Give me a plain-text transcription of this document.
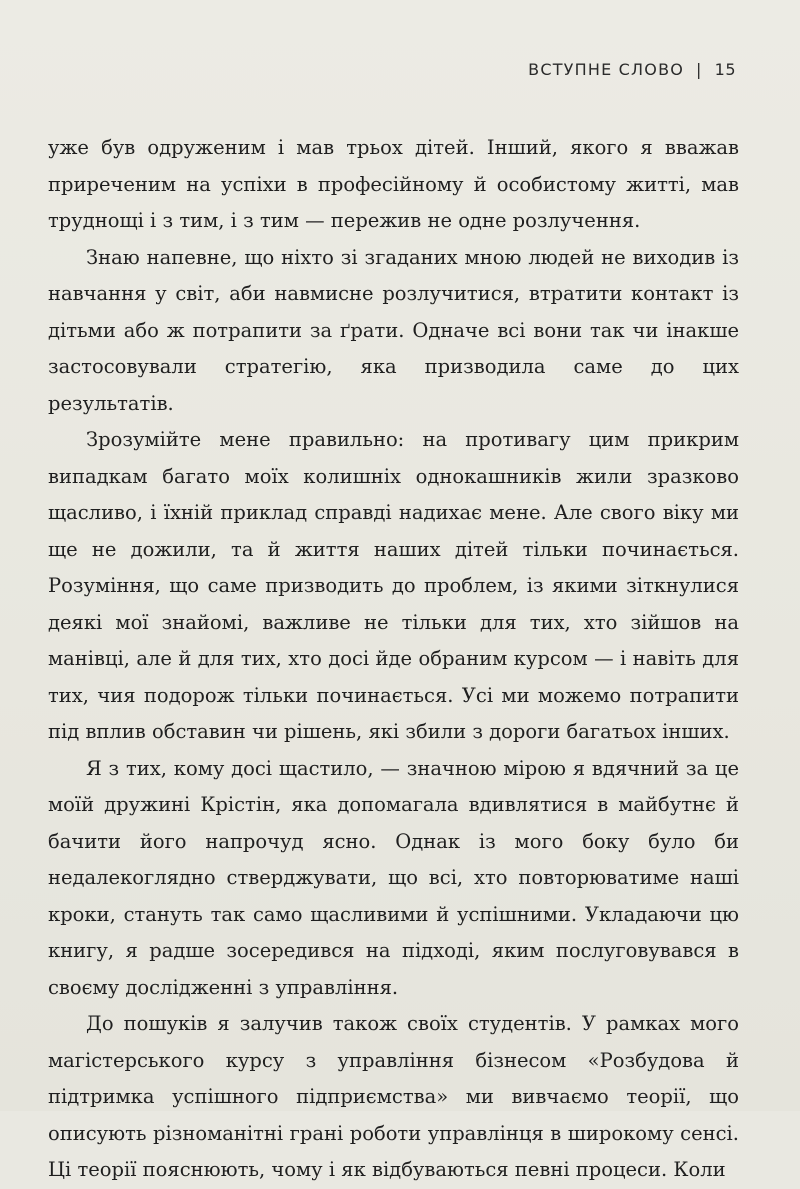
ВСТУПНЕ СЛОВО | 15

уже був одруженим і мав трьох дітей. Інший, якого я вважав приреченим на успіхи в професійному й особистому житті, мав труднощі і з тим, і з тим — пережив не одне розлучення.

Знаю напевне, що ніхто зі згаданих мною людей не виходив із навчання у світ, аби навмисне розлучитися, втратити контакт із дітьми або ж потрапити за ґрати. Одначе всі вони так чи інакше застосовували стратегію, яка призводила саме до цих результатів.

Зрозумійте мене правильно: на противагу цим прикрим випадкам багато моїх колишніх однокашників жили зразково щасливо, і їхній приклад справді надихає мене. Але свого віку ми ще не дожили, та й життя наших дітей тільки починається. Розуміння, що саме призводить до проблем, із якими зіткнулися деякі мої знайомі, важливе не тільки для тих, хто зійшов на манівці, але й для тих, хто досі йде обраним курсом — і навіть для тих, чия подорож тільки починається. Усі ми можемо потрапити під вплив обставин чи рішень, які збили з дороги багатьох інших.

Я з тих, кому досі щастило, — значною мірою я вдячний за це моїй дружині Крістін, яка допомагала вдивлятися в майбутнє й бачити його напрочуд ясно. Однак із мого боку було би недалекоглядно стверджувати, що всі, хто повторюватиме наші кроки, стануть так само щасливими й успішними. Укладаючи цю книгу, я радше зосередився на підході, яким послуговувався в своєму дослідженні з управління.

До пошуків я залучив також своїх студентів. У рамках мого магістерського курсу з управління бізнесом «Розбудова й підтримка успішного підприємства» ми вивчаємо теорії, що описують різноманітні грані роботи управлінця в широкому сенсі. Ці теорії пояснюють, чому і як відбуваються певні процеси. Коли
